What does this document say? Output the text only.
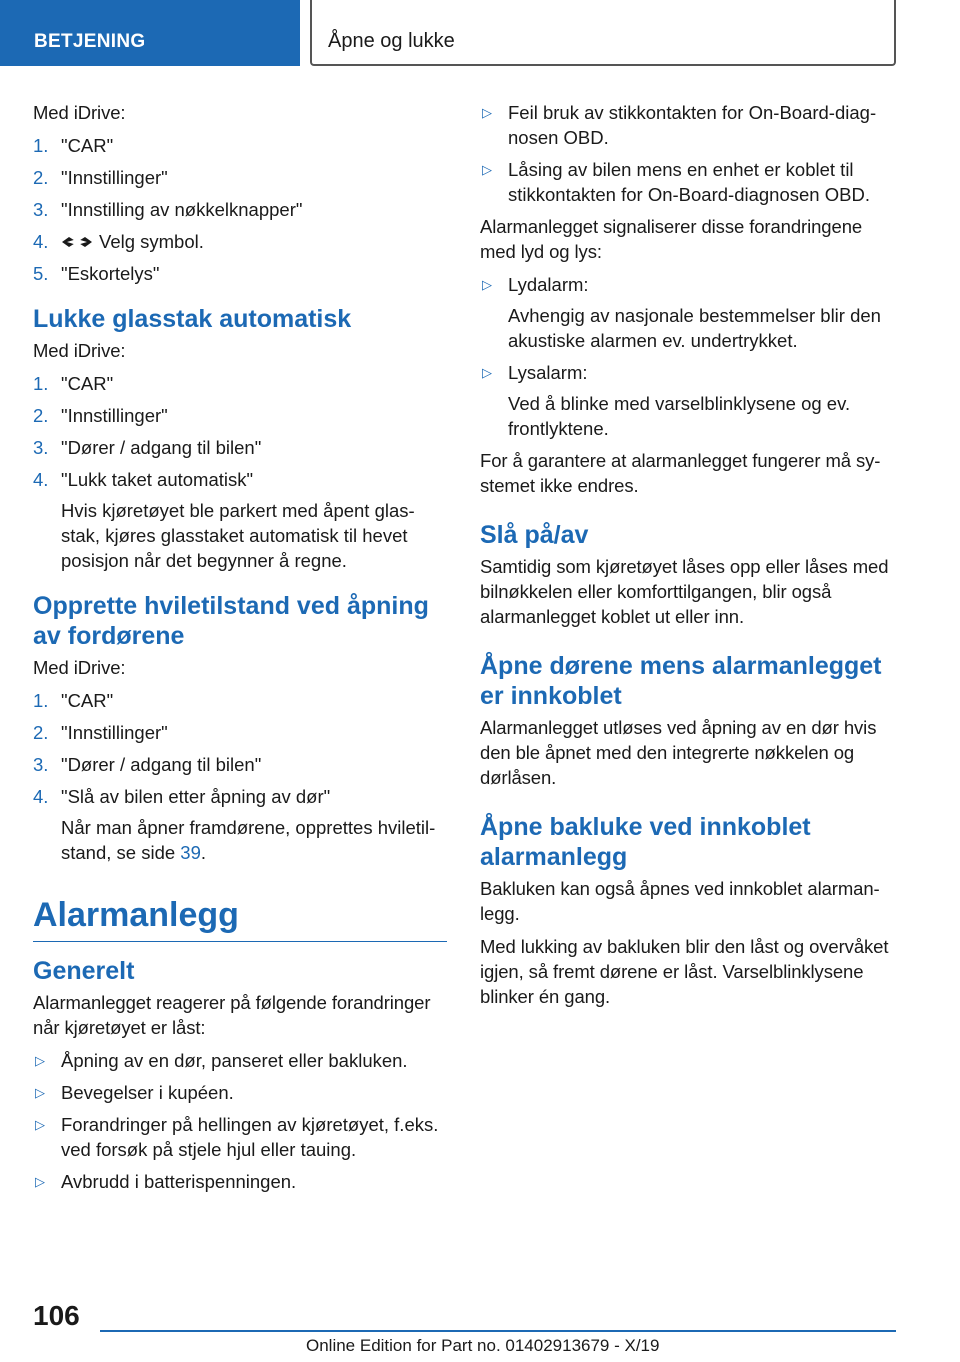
BETJENING	Åpne og lukke

Med iDrive:

1. "CAR"
2. "Innstillinger"
3. "Innstilling av nøkkelknapper"
4.	Velg symbol.
5. "Eskortelys"
Lukke glasstak automatisk

Med iDrive:

1. "CAR"
2. "Innstillinger"
3. "Dører / adgang til bilen"
4. "Lukk taket automatisk"
Hvis kjøretøyet ble parkert med åpent glasstak, kjøres glasstaket automatisk til hevet posisjon når det begynner å regne.
Opprette hviletilstand ved åpning av fordørene

Med iDrive:

1. "CAR"
2. "Innstillinger"
3. "Dører / adgang til bilen"
4. "Slå av bilen etter åpning av dør"
Når man åpner framdørene, opprettes hviletilstand, se side 39.
Alarmanlegg
Generelt

Alarmanlegget reagerer på følgende forandringer når kjøretøyet er låst:

▷ Åpning av en dør, panseret eller bakluken.
▷ Bevegelser i kupéen.
▷ Forandringer på hellingen av kjøretøyet, f.eks. ved forsøk på stjele hjul eller tauing.
▷ Avbrudd i batterispenningen.
▷ Feil bruk av stikkontakten for On-Board-diagnosen OBD.
▷ Låsing av bilen mens en enhet er koblet til stikkontakten for On-Board-diagnosen OBD.

Alarmanlegget signaliserer disse forandringene med lyd og lys:

▷ Lydalarm:
Avhengig av nasjonale bestemmelser blir den akustiske alarmen ev. undertrykket.
▷ Lysalarm:
Ved å blinke med varselblinklysene og ev. frontlyktene.

For å garantere at alarmanlegget fungerer må systemet ikke endres.

Slå på/av

Samtidig som kjøretøyet låses opp eller låses med bilnøkkelen eller komforttilgangen, blir også alarmanlegget koblet ut eller inn.

Åpne dørene mens alarmanlegget er innkoblet

Alarmanlegget utløses ved åpning av en dør hvis den ble åpnet med den integrerte nøkkelen og dørlåsen.

Åpne bakluke ved innkoblet alarmanlegg

Bakluken kan også åpnes ved innkoblet alarmanlegg.

Med lukking av bakluken blir den låst og overvåket igjen, så fremt dørene er låst. Varselblinklysene blinker én gang.

106
Online Edition for Part no. 01402913679 - X/19
